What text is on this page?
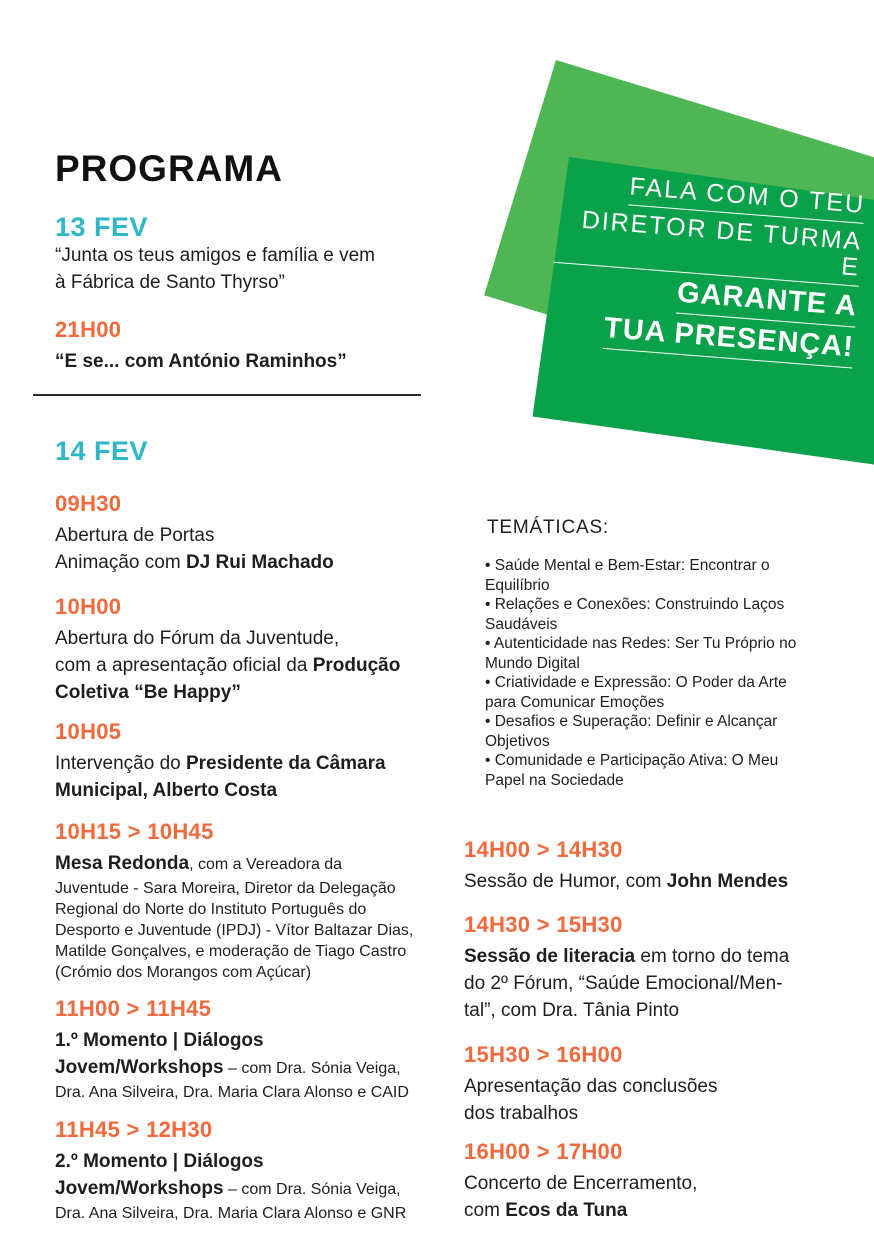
FALA COM O TEU
DIRETOR DE TURMA E
GARANTE A
TUA PRESENÇA!
PROGRAMA
13 FEV
“Junta os teus amigos e família e vem
à Fábrica de Santo Thyrso”
21H00
“E se... com António Raminhos”
14 FEV
09H30
Abertura de Portas
Animação com DJ Rui Machado
10H00
Abertura do Fórum da Juventude,
com a apresentação oficial da Produção
Coletiva “Be Happy”
10H05
Intervenção do Presidente da Câmara
Municipal, Alberto Costa
10H15 > 10H45
Mesa Redonda, com a Vereadora da
Juventude - Sara Moreira, Diretor da Delegação
Regional do Norte do Instituto Português do
Desporto e Juventude (IPDJ) - Vítor Baltazar Dias,
Matilde Gonçalves, e moderação de Tiago Castro
(Crómio dos Morangos com Açúcar)
11H00 > 11H45
1.º Momento | Diálogos
Jovem/Workshops – com Dra. Sónia Veiga,
Dra. Ana Silveira, Dra. Maria Clara Alonso e CAID
11H45 > 12H30
2.º Momento | Diálogos
Jovem/Workshops – com Dra. Sónia Veiga,
Dra. Ana Silveira, Dra. Maria Clara Alonso e GNR
TEMÁTICAS:
• Saúde Mental e Bem-Estar: Encontrar o Equilíbrio
• Relações e Conexões: Construindo Laços Saudáveis
• Autenticidade nas Redes: Ser Tu Próprio no Mundo Digital
• Criatividade e Expressão: O Poder da Arte para Comunicar Emoções
• Desafios e Superação: Definir e Alcançar Objetivos
• Comunidade e Participação Ativa: O Meu Papel na Sociedade
14H00 > 14H30
Sessão de Humor, com John Mendes
14H30 > 15H30
Sessão de literacia em torno do tema
do 2º Fórum, “Saúde Emocional/Men-
tal”, com Dra. Tânia Pinto
15H30 > 16H00
Apresentação das conclusões
dos trabalhos
16H00 > 17H00
Concerto de Encerramento,
com Ecos da Tuna
